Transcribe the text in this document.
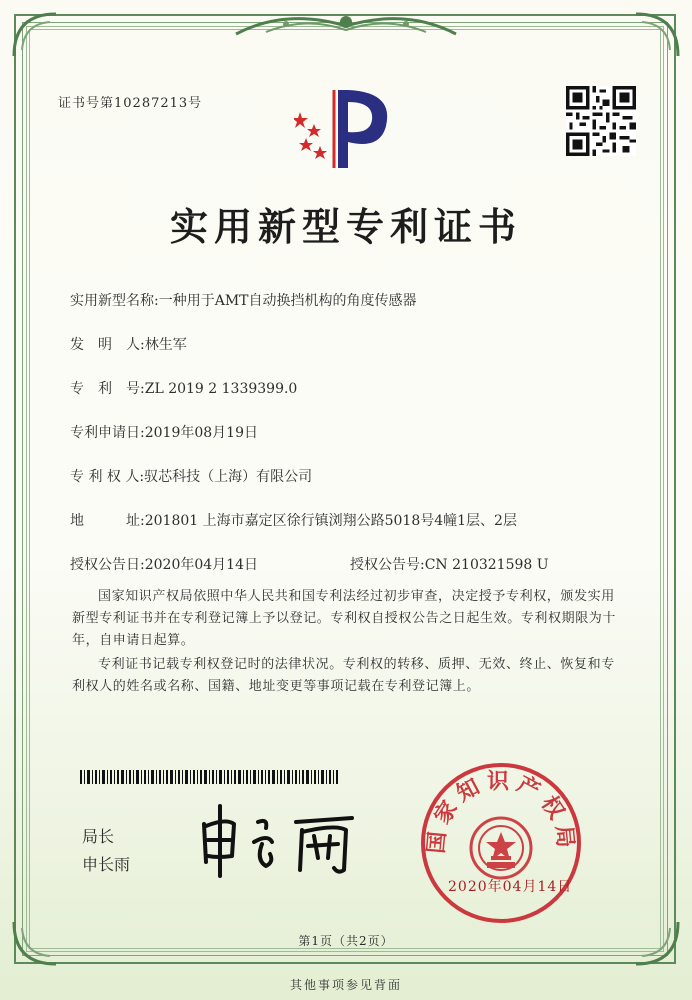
证书号第10287213号
实用新型专利证书
实用新型名称:一种用于AMT自动换挡机构的角度传感器
发　明　人:林生军
专　利　号:ZL 2019 2 1339399.0
专利申请日:2019年08月19日
专 利 权 人:驭芯科技（上海）有限公司
地　　　址:201801 上海市嘉定区徐行镇浏翔公路5018号4幢1层、2层
授权公告日:2020年04月14日	授权公告号:CN 210321598 U
国家知识产权局依照中华人民共和国专利法经过初步审查，决定授予专利权，颁发实用新型专利证书并在专利登记簿上予以登记。专利权自授权公告之日起生效。专利权期限为十年，自申请日起算。
专利证书记载专利权登记时的法律状况。专利权的转移、质押、无效、终止、恢复和专利权人的姓名或名称、国籍、地址变更等事项记载在专利登记簿上。
局长
申长雨
国家知识产权局
2020年04月14日
第1页（共2页）
其他事项参见背面
